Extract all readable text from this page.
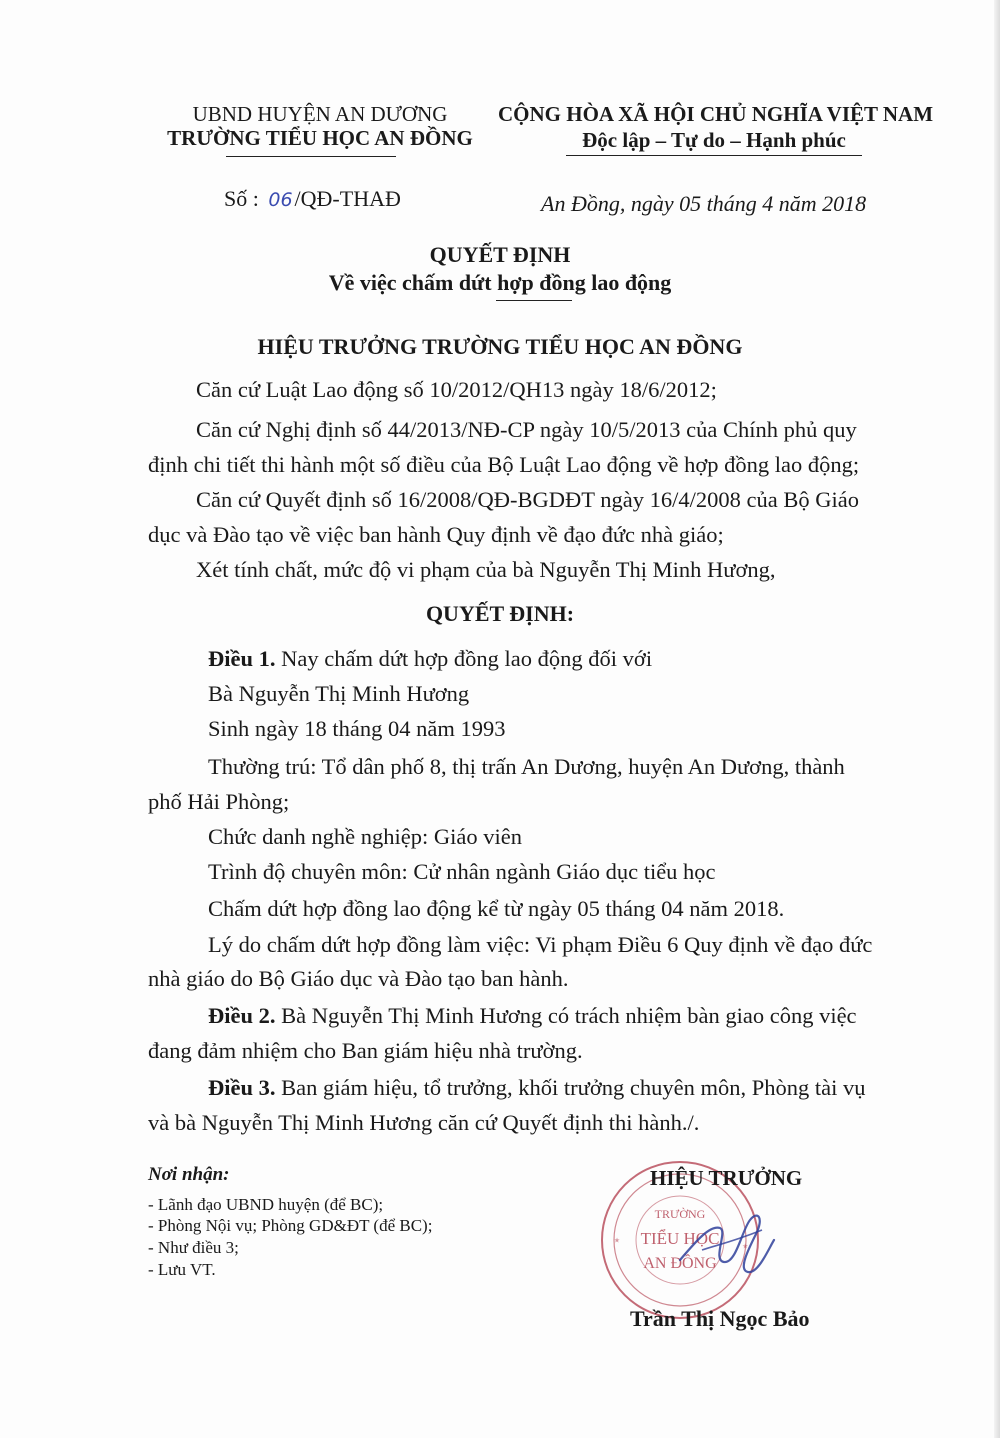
UBND HUYỆN AN DƯƠNG
TRƯỜNG TIỂU HỌC AN ĐỒNG
CỘNG HÒA XÃ HỘI CHỦ NGHĨA VIỆT NAM
Độc lập – Tự do – Hạnh phúc
Số : 06/QĐ-THAĐ	An Đồng, ngày 05 tháng 4 năm 2018
QUYẾT ĐỊNH
Về việc chấm dứt hợp đồng lao động
HIỆU TRƯỞNG TRƯỜNG TIỂU HỌC AN ĐỒNG
Căn cứ Luật Lao động số 10/2012/QH13 ngày 18/6/2012;
Căn cứ Nghị định số 44/2013/NĐ-CP ngày 10/5/2013 của Chính phủ quy
định chi tiết thi hành một số điều của Bộ Luật Lao động về hợp đồng lao động;
Căn cứ Quyết định số 16/2008/QĐ-BGDĐT ngày 16/4/2008 của Bộ Giáo
dục và Đào tạo về việc ban hành Quy định về đạo đức nhà giáo;
Xét tính chất, mức độ vi phạm của bà Nguyễn Thị Minh Hương,
QUYẾT ĐỊNH:
Điều 1. Nay chấm dứt hợp đồng lao động đối với
Bà Nguyễn Thị Minh Hương
Sinh ngày 18 tháng 04 năm 1993
Thường trú: Tổ dân phố 8, thị trấn An Dương, huyện An Dương, thành
phố Hải Phòng;
Chức danh nghề nghiệp: Giáo viên
Trình độ chuyên môn: Cử nhân ngành Giáo dục tiểu học
Chấm dứt hợp đồng lao động kể từ ngày 05 tháng 04 năm 2018.
Lý do chấm dứt hợp đồng làm việc: Vi phạm Điều 6 Quy định về đạo đức
nhà giáo do Bộ Giáo dục và Đào tạo ban hành.
Điều 2. Bà Nguyễn Thị Minh Hương có trách nhiệm bàn giao công việc
đang đảm nhiệm cho Ban giám hiệu nhà trường.
Điều 3. Ban giám hiệu, tổ trưởng, khối trưởng chuyên môn, Phòng tài vụ
và bà Nguyễn Thị Minh Hương căn cứ Quyết định thi hành./.
Nơi nhận:
- Lãnh đạo UBND huyện (để BC);
- Phòng Nội vụ; Phòng GD&ĐT (để BC);
- Như điều 3;
- Lưu VT.
TRƯỜNG
TIỂU HỌC
AN ĐỒNG
★
★
HIỆU TRƯỞNG
Trần Thị Ngọc Bảo
